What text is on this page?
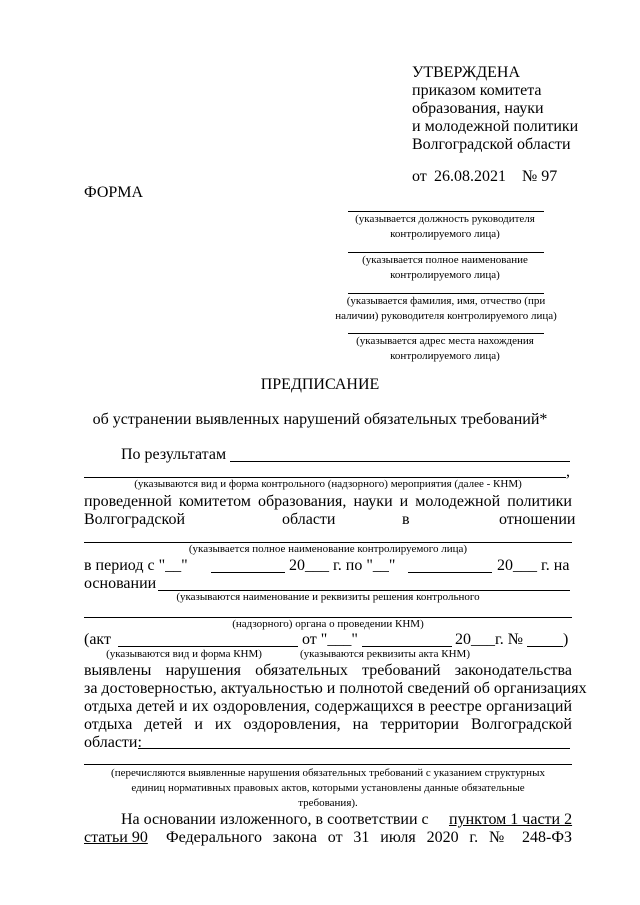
УТВЕРЖДЕНА
приказом комитета
образования, науки
и молодежной политики
Волгоградской области
от 26.08.2021 № 97
ФОРМА
(указывается должность руководителя
контролируемого лица)
(указывается полное наименование
контролируемого лица)
(указывается фамилия, имя, отчество (при
наличии) руководителя контролируемого лица)
(указывается адрес места нахождения
контролируемого лица)
ПРЕДПИСАНИЕ
об устранении выявленных нарушений обязательных требований*
По результатам
,
(указываются вид и форма контрольного (надзорного) мероприятия (далее - КНМ)
проведенной комитетом образования, науки и молодежной политики
Волгоградской	области	в	отношении
(указывается полное наименование контролируемого лица)
в период с "__"	20___ г. по "__"	20___ г. на
основании
(указываются наименование и реквизиты решения контрольного
(надзорного) органа о проведении КНМ)
(акт	от "___"	20___г. № )
(указываются вид и форма КНМ)	(указываются реквизиты акта КНМ)
выявлены нарушения обязательных требований законодательства
за достоверностью, актуальностью и полнотой сведений об организациях
отдыха детей и их оздоровления, содержащихся в реестре организаций
отдыха детей и их оздоровления, на территории Волгоградской
области:
(перечисляются выявленные нарушения обязательных требований с указанием структурных
единиц нормативных правовых актов, которыми установлены данные обязательные
требования).
На основании изложенного, в соответствии с пунктом 1 части 2
статьи 90 Федерального закона от 31 июля 2020 г. № 248-ФЗ
